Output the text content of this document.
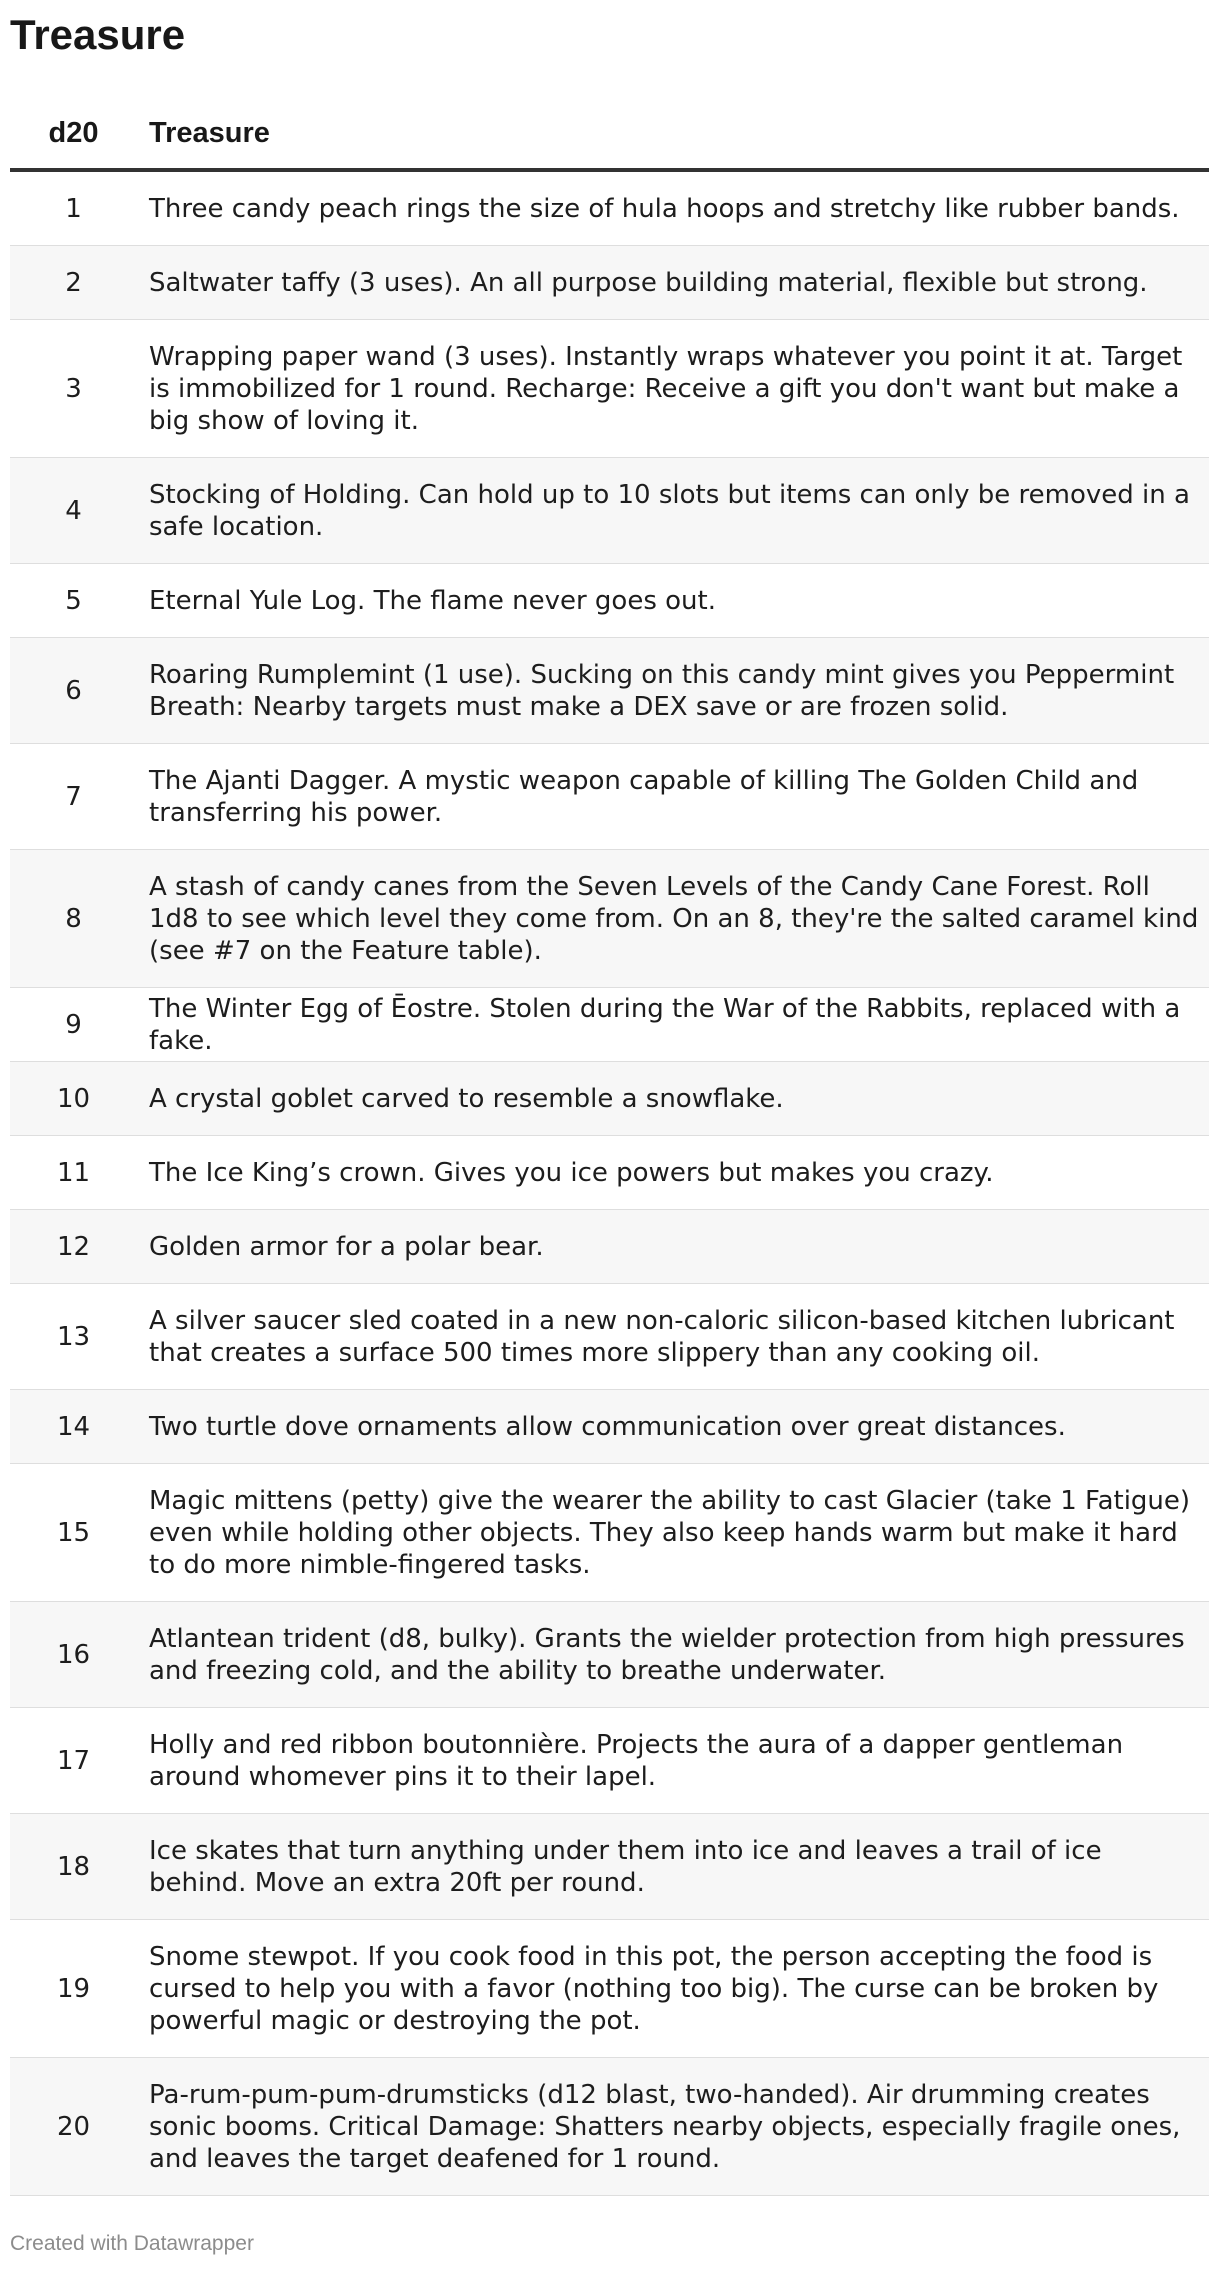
Treasure
d20	Treasure
1	Three candy peach rings the size of hula hoops and stretchy like rubber bands.
2	Saltwater taffy (3 uses). An all purpose building material, flexible but strong.
3	Wrapping paper wand (3 uses). Instantly wraps whatever you point it at. Target is immobilized for 1 round. Recharge: Receive a gift you don't want but make a big show of loving it.
4	Stocking of Holding. Can hold up to 10 slots but items can only be removed in a safe location.
5	Eternal Yule Log. The flame never goes out.
6	Roaring Rumplemint (1 use). Sucking on this candy mint gives you Peppermint Breath: Nearby targets must make a DEX save or are frozen solid.
7	The Ajanti Dagger. A mystic weapon capable of killing The Golden Child and transferring his power.
8	A stash of candy canes from the Seven Levels of the Candy Cane Forest. Roll 1d8 to see which level they come from. On an 8, they're the salted caramel kind (see #7 on the Feature table).
9	The Winter Egg of Ēostre. Stolen during the War of the Rabbits, replaced with a fake.
10	A crystal goblet carved to resemble a snowflake.
11	The Ice King’s crown. Gives you ice powers but makes you crazy.
12	Golden armor for a polar bear.
13	A silver saucer sled coated in a new non-caloric silicon-based kitchen lubricant that creates a surface 500 times more slippery than any cooking oil.
14	Two turtle dove ornaments allow communication over great distances.
15	Magic mittens (petty) give the wearer the ability to cast Glacier (take 1 Fatigue) even while holding other objects. They also keep hands warm but make it hard to do more nimble-fingered tasks.
16	Atlantean trident (d8, bulky). Grants the wielder protection from high pressures and freezing cold, and the ability to breathe underwater.
17	Holly and red ribbon boutonnière. Projects the aura of a dapper gentleman around whomever pins it to their lapel.
18	Ice skates that turn anything under them into ice and leaves a trail of ice behind. Move an extra 20ft per round.
19	Snome stewpot. If you cook food in this pot, the person accepting the food is cursed to help you with a favor (nothing too big). The curse can be broken by powerful magic or destroying the pot.
20	Pa-rum-pum-pum-drumsticks (d12 blast, two-handed). Air drumming creates sonic booms. Critical Damage: Shatters nearby objects, especially fragile ones, and leaves the target deafened for 1 round.
Created with Datawrapper
